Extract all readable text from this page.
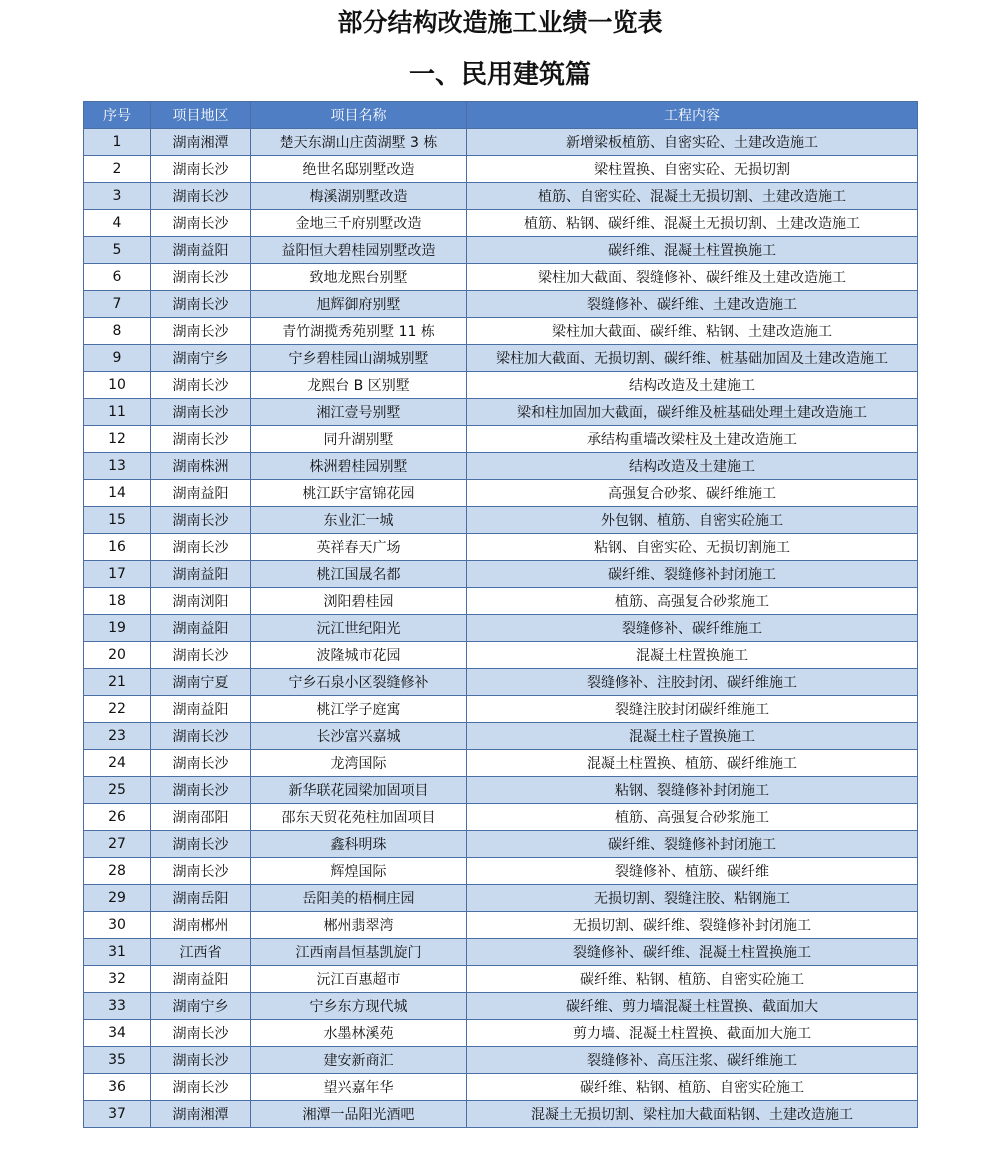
部分结构改造施工业绩一览表
一、民用建筑篇
序号	项目地区	项目名称	工程内容
1	湖南湘潭	楚天东湖山庄茵湖墅 3 栋	新增梁板植筋、自密实砼、土建改造施工
2	湖南长沙	绝世名邸别墅改造	梁柱置换、自密实砼、无损切割
3	湖南长沙	梅溪湖别墅改造	植筋、自密实砼、混凝土无损切割、土建改造施工
4	湖南长沙	金地三千府别墅改造	植筋、粘钢、碳纤维、混凝土无损切割、土建改造施工
5	湖南益阳	益阳恒大碧桂园别墅改造	碳纤维、混凝土柱置换施工
6	湖南长沙	致地龙熙台别墅	梁柱加大截面、裂缝修补、碳纤维及土建改造施工
7	湖南长沙	旭辉御府别墅	裂缝修补、碳纤维、土建改造施工
8	湖南长沙	青竹湖揽秀苑别墅 11 栋	梁柱加大截面、碳纤维、粘钢、土建改造施工
9	湖南宁乡	宁乡碧桂园山湖城别墅	梁柱加大截面、无损切割、碳纤维、桩基础加固及土建改造施工
10	湖南长沙	龙熙台 B 区别墅	结构改造及土建施工
11	湖南长沙	湘江壹号别墅	梁和柱加固加大截面，碳纤维及桩基础处理土建改造施工
12	湖南长沙	同升湖别墅	承结构重墙改梁柱及土建改造施工
13	湖南株洲	株洲碧桂园别墅	结构改造及土建施工
14	湖南益阳	桃江跃宇富锦花园	高强复合砂浆、碳纤维施工
15	湖南长沙	东业汇一城	外包钢、植筋、自密实砼施工
16	湖南长沙	英祥春天广场	粘钢、自密实砼、无损切割施工
17	湖南益阳	桃江国晟名都	碳纤维、裂缝修补封闭施工
18	湖南浏阳	浏阳碧桂园	植筋、高强复合砂浆施工
19	湖南益阳	沅江世纪阳光	裂缝修补、碳纤维施工
20	湖南长沙	波隆城市花园	混凝土柱置换施工
21	湖南宁夏	宁乡石泉小区裂缝修补	裂缝修补、注胶封闭、碳纤维施工
22	湖南益阳	桃江学子庭寓	裂缝注胶封闭碳纤维施工
23	湖南长沙	长沙富兴嘉城	混凝土柱子置换施工
24	湖南长沙	龙湾国际	混凝土柱置换、植筋、碳纤维施工
25	湖南长沙	新华联花园梁加固项目	粘钢、裂缝修补封闭施工
26	湖南邵阳	邵东天贸花苑柱加固项目	植筋、高强复合砂浆施工
27	湖南长沙	鑫科明珠	碳纤维、裂缝修补封闭施工
28	湖南长沙	辉煌国际	裂缝修补、植筋、碳纤维
29	湖南岳阳	岳阳美的梧桐庄园	无损切割、裂缝注胶、粘钢施工
30	湖南郴州	郴州翡翠湾	无损切割、碳纤维、裂缝修补封闭施工
31	江西省	江西南昌恒基凯旋门	裂缝修补、碳纤维、混凝土柱置换施工
32	湖南益阳	沅江百惠超市	碳纤维、粘钢、植筋、自密实砼施工
33	湖南宁乡	宁乡东方现代城	碳纤维、剪力墙混凝土柱置换、截面加大
34	湖南长沙	水墨林溪苑	剪力墙、混凝土柱置换、截面加大施工
35	湖南长沙	建安新商汇	裂缝修补、高压注浆、碳纤维施工
36	湖南长沙	望兴嘉年华	碳纤维、粘钢、植筋、自密实砼施工
37	湖南湘潭	湘潭一品阳光酒吧	混凝土无损切割、梁柱加大截面粘钢、土建改造施工
